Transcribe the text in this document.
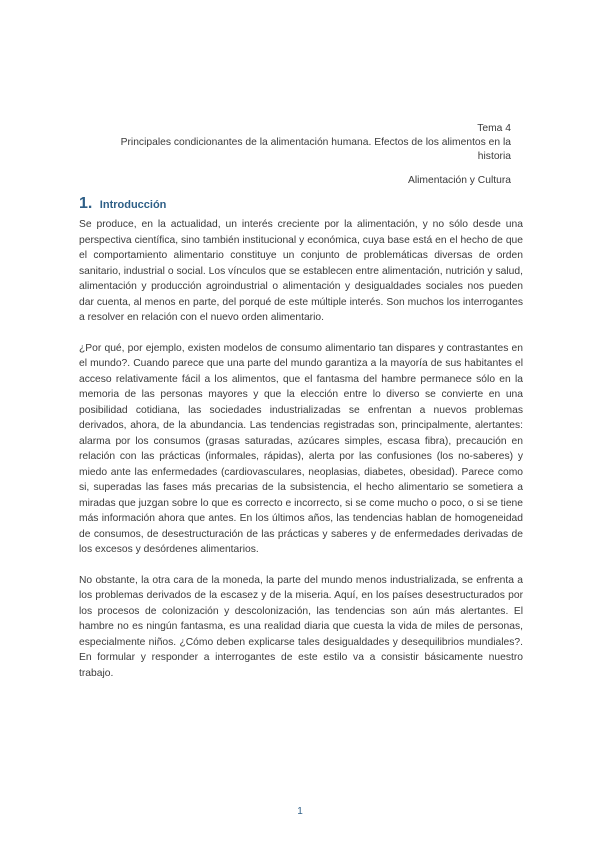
Tema 4
Principales condicionantes de la alimentación humana. Efectos de los alimentos en la historia
Alimentación y Cultura
1. Introducción

Se produce, en la actualidad, un interés creciente por la alimentación, y no sólo desde una perspectiva científica, sino también institucional y económica, cuya base está en el hecho de que el comportamiento alimentario constituye un conjunto de problemáticas diversas de orden sanitario, industrial o social. Los vínculos que se establecen entre alimentación, nutrición y salud, alimentación y producción agroindustrial o alimentación y desigualdades sociales nos pueden dar cuenta, al menos en parte, del porqué de este múltiple interés. Son muchos los interrogantes a resolver en relación con el nuevo orden alimentario.

¿Por qué, por ejemplo, existen modelos de consumo alimentario tan dispares y contrastantes en el mundo?. Cuando parece que una parte del mundo garantiza a la mayoría de sus habitantes el acceso relativamente fácil a los alimentos, que el fantasma del hambre permanece sólo en la memoria de las personas mayores y que la elección entre lo diverso se convierte en una posibilidad cotidiana, las sociedades industrializadas se enfrentan a nuevos problemas derivados, ahora, de la abundancia. Las tendencias registradas son, principalmente, alertantes: alarma por los consumos (grasas saturadas, azúcares simples, escasa fibra), precaución en relación con las prácticas (informales, rápidas), alerta por las confusiones (los no-saberes) y miedo ante las enfermedades (cardiovasculares, neoplasias, diabetes, obesidad). Parece como si, superadas las fases más precarias de la subsistencia, el hecho alimentario se sometiera a miradas que juzgan sobre lo que es correcto e incorrecto, si se come mucho o poco, o si se tiene más información ahora que antes. En los últimos años, las tendencias hablan de homogeneidad de consumos, de desestructuración de las prácticas y saberes y de enfermedades derivadas de los excesos y desórdenes alimentarios.

No obstante, la otra cara de la moneda, la parte del mundo menos industrializada, se enfrenta a los problemas derivados de la escasez y de la miseria. Aquí, en los países desestructurados por los procesos de colonización y descolonización, las tendencias son aún más alertantes. El hambre no es ningún fantasma, es una realidad diaria que cuesta la vida de miles de personas, especialmente niños. ¿Cómo deben explicarse tales desigualdades y desequilibrios mundiales?. En formular y responder a interrogantes de este estilo va a consistir básicamente nuestro trabajo.

1
